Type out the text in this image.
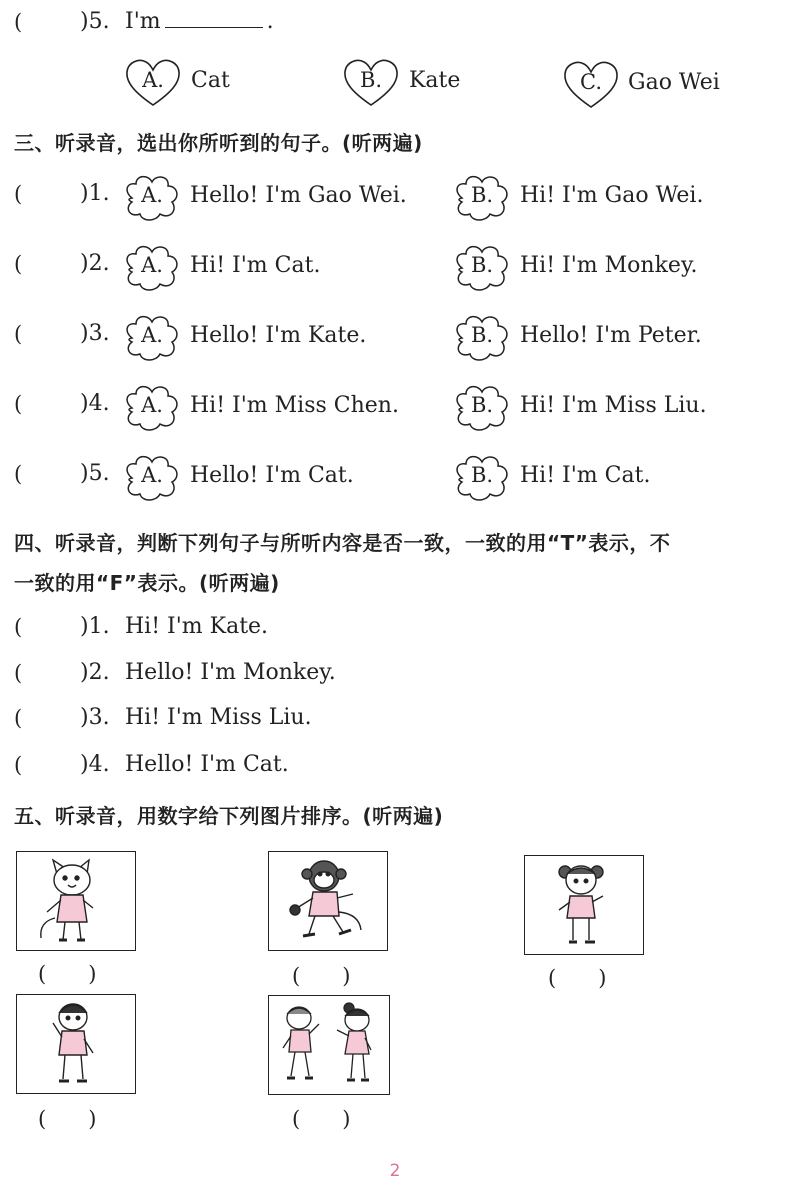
(	)5. I'm	.
A.	Cat	B.	Kate	C.	Gao Wei
三、听录音，选出你所听到的句子。(听两遍)
(	)1.	A.	Hello! I'm Gao Wei.	B.	Hi! I'm Gao Wei.
(	)2.	A.	Hi! I'm Cat.	B.	Hi! I'm Monkey.
(	)3.	A.	Hello! I'm Kate.	B.	Hello! I'm Peter.
(	)4.	A.	Hi! I'm Miss Chen.	B.	Hi! I'm Miss Liu.
(	)5.	A.	Hello! I'm Cat.	B.	Hi! I'm Cat.
四、听录音，判断下列句子与所听内容是否一致，一致的用“T”表示，不
一致的用“F”表示。(听两遍)
(	)1. Hi! I'm Kate.
(	)2. Hello! I'm Monkey.
(	)3. Hi! I'm Miss Liu.
(	)4. Hello! I'm Cat.
五、听录音，用数字给下列图片排序。(听两遍)
(　　)	(　　)	(　　)
(　　)	(　　)
2
